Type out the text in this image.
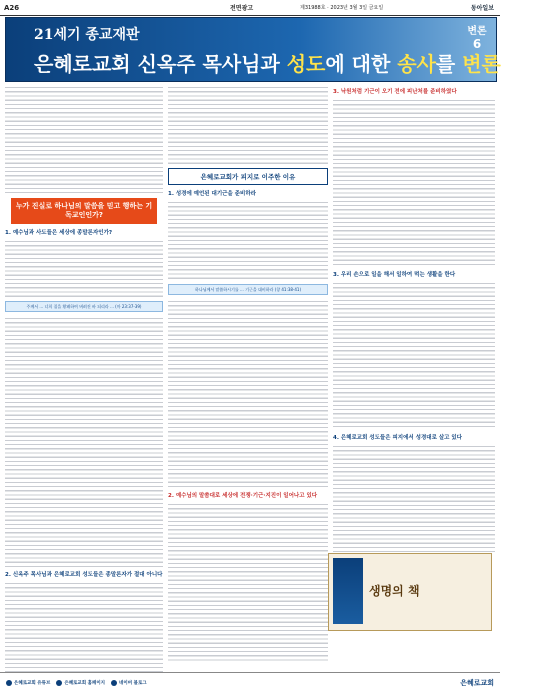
A26	전면광고	제31988호 · 2023년 3월 3일 금요일	동아일보
21세기 종교재판
은혜로교회 신옥주 목사님과 성도에 대한 송사를 변론한다
변론
6
누가 진실로 하나님의 말씀을 믿고 행하는 기독교인인가?
1. 예수님과 사도들은 세상에 종말론자인가?
주께서 ... 너희 집을 황폐하여 버려진 바 되리라 ... (마 23:37-39)
2. 신옥주 목사님과 은혜로교회 성도들은 종말론자가 절대 아니다
은혜로교회가 피지로 이주한 이유
1. 성경에 예언된 대기근을 준비하라
하나님께서 말씀하시기를 ... 기근을 대비하라 (창 41:38-41)
2. 예수님의 말씀대로 세상에 전쟁·기근·지진이 일어나고 있다
3. 낙원처럼 기근이 오기 전에 피난처를 준비하였다
3. 우리 손으로 일을 해서 일하여 먹는 생활을 한다
4. 은혜로교회 성도들은 피지에서 성경대로 살고 있다
생명의 책
은혜로교회 유튜브	은혜로교회 홈페이지	네이버 블로그	은혜로교회
